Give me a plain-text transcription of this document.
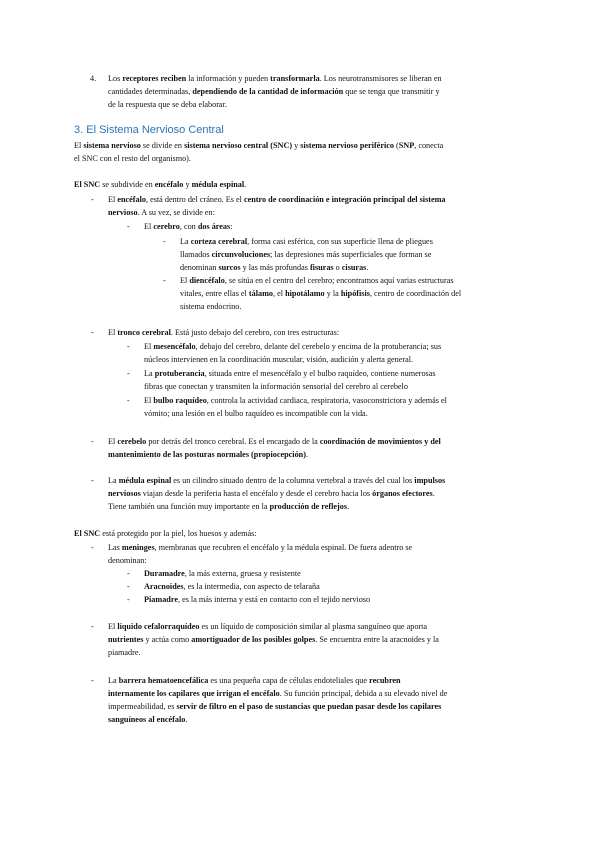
4. Los receptores reciben la información y pueden transformarla. Los neurotransmisores se liberan en
cantidades determinadas, dependiendo de la cantidad de información que se tenga que transmitir y
de la respuesta que se deba elaborar.
3. El Sistema Nervioso Central
El sistema nervioso se divide en sistema nervioso central (SNC) y sistema nervioso periférico (SNP, conecta
el SNC con el resto del organismo).
El SNC se subdivide en encéfalo y médula espinal.
- El encéfalo, está dentro del cráneo. Es el centro de coordinación e integración principal del sistema
nervioso. A su vez, se divide en:
- El cerebro, con dos áreas:
- La corteza cerebral, forma casi esférica, con sus superficie llena de pliegues
llamados circunvoluciones; las depresiones más superficiales que forman se
denominan surcos y las más profundas fisuras o cisuras.
- El diencéfalo, se sitúa en el centro del cerebro; encontramos aquí varias estructuras
vitales, entre ellas el tálamo, el hipotálamo y la hipófisis, centro de coordinación del
sistema endocrino.
- El tronco cerebral. Está justo debajo del cerebro, con tres estructuras:
- El mesencéfalo, debajo del cerebro, delante del cerebelo y encima de la protuberancia; sus
núcleos intervienen en la coordinación muscular, visión, audición y alerta general.
- La protuberancia, situada entre el mesencéfalo y el bulbo raquídeo, contiene numerosas
fibras que conectan y transmiten la información sensorial del cerebro al cerebelo
- El bulbo raquídeo, controla la actividad cardiaca, respiratoria, vasoconstrictora y además el
vómito; una lesión en el bulbo raquídeo es incompatible con la vida.
- El cerebelo por detrás del tronco cerebral. Es el encargado de la coordinación de movimientos y del
mantenimiento de las posturas normales (propiocepción).
- La médula espinal es un cilindro situado dentro de la columna vertebral a través del cual los impulsos
nerviosos viajan desde la periferia hasta el encéfalo y desde el cerebro hacia los órganos efectores.
Tiene también una función muy importante en la producción de reflejos.
El SNC está protegido por la piel, los huesos y además:
- Las meninges, membranas que recubren el encéfalo y la médula espinal. De fuera adentro se
denominan:
- Duramadre, la más externa, gruesa y resistente
- Aracnoides, es la intermedia, con aspecto de telaraña
- Piamadre, es la más interna y está en contacto con el tejido nervioso
- El líquido cefalorraquídeo es un líquido de composición similar al plasma sanguíneo que aporta
nutrientes y actúa como amortiguador de los posibles golpes. Se encuentra entre la aracnoides y la
piamadre.
- La barrera hematoencefálica es una pequeña capa de células endoteliales que recubren
internamente los capilares que irrigan el encéfalo. Su función principal, debida a su elevado nivel de
impermeabilidad, es servir de filtro en el paso de sustancias que puedan pasar desde los capilares
sanguíneos al encéfalo.
